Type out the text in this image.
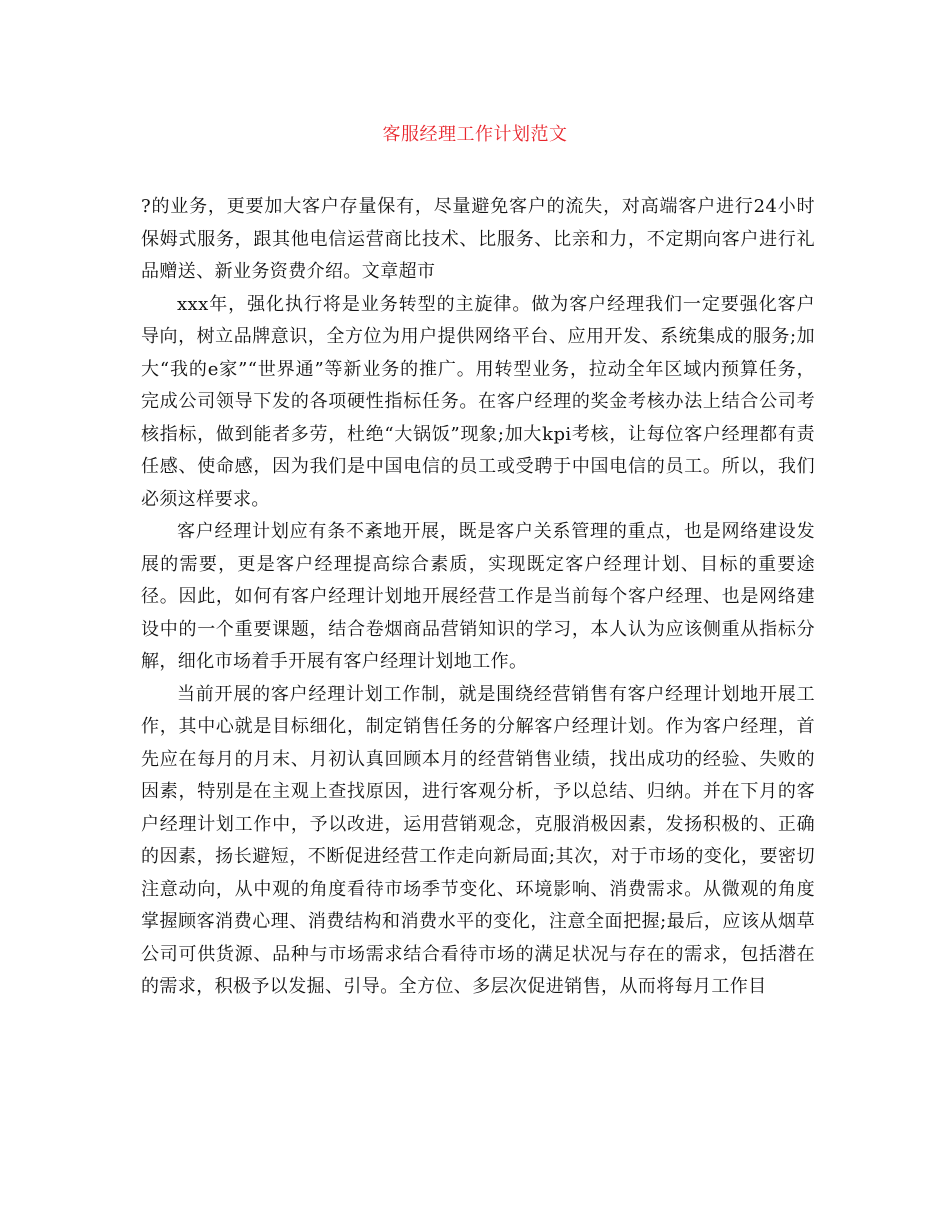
客服经理工作计划范文

?的业务，更要加大客户存量保有，尽量避免客户的流失，对高端客户进行24小时保姆式服务，跟其他电信运营商比技术、比服务、比亲和力，不定期向客户进行礼品赠送、新业务资费介绍。文章超市

xxx年，强化执行将是业务转型的主旋律。做为客户经理我们一定要强化客户导向，树立品牌意识，全方位为用户提供网络平台、应用开发、系统集成的服务;加大“我的e家”“世界通”等新业务的推广。用转型业务，拉动全年区域内预算任务，完成公司领导下发的各项硬性指标任务。在客户经理的奖金考核办法上结合公司考核指标，做到能者多劳，杜绝“大锅饭”现象;加大kpi考核，让每位客户经理都有责任感、使命感，因为我们是中国电信的员工或受聘于中国电信的员工。所以，我们必须这样要求。

客户经理计划应有条不紊地开展，既是客户关系管理的重点，也是网络建设发展的需要，更是客户经理提高综合素质，实现既定客户经理计划、目标的重要途径。因此，如何有客户经理计划地开展经营工作是当前每个客户经理、也是网络建设中的一个重要课题，结合卷烟商品营销知识的学习，本人认为应该侧重从指标分解，细化市场着手开展有客户经理计划地工作。

当前开展的客户经理计划工作制，就是围绕经营销售有客户经理计划地开展工作，其中心就是目标细化，制定销售任务的分解客户经理计划。作为客户经理，首先应在每月的月末、月初认真回顾本月的经营销售业绩，找出成功的经验、失败的因素，特别是在主观上查找原因，进行客观分析，予以总结、归纳。并在下月的客户经理计划工作中，予以改进，运用营销观念，克服消极因素，发扬积极的、正确的因素，扬长避短，不断促进经营工作走向新局面;其次，对于市场的变化，要密切注意动向，从中观的角度看待市场季节变化、环境影响、消费需求。从微观的角度掌握顾客消费心理、消费结构和消费水平的变化，注意全面把握;最后，应该从烟草公司可供货源、品种与市场需求结合看待市场的满足状况与存在的需求，包括潜在的需求，积极予以发掘、引导。全方位、多层次促进销售，从而将每月工作目
